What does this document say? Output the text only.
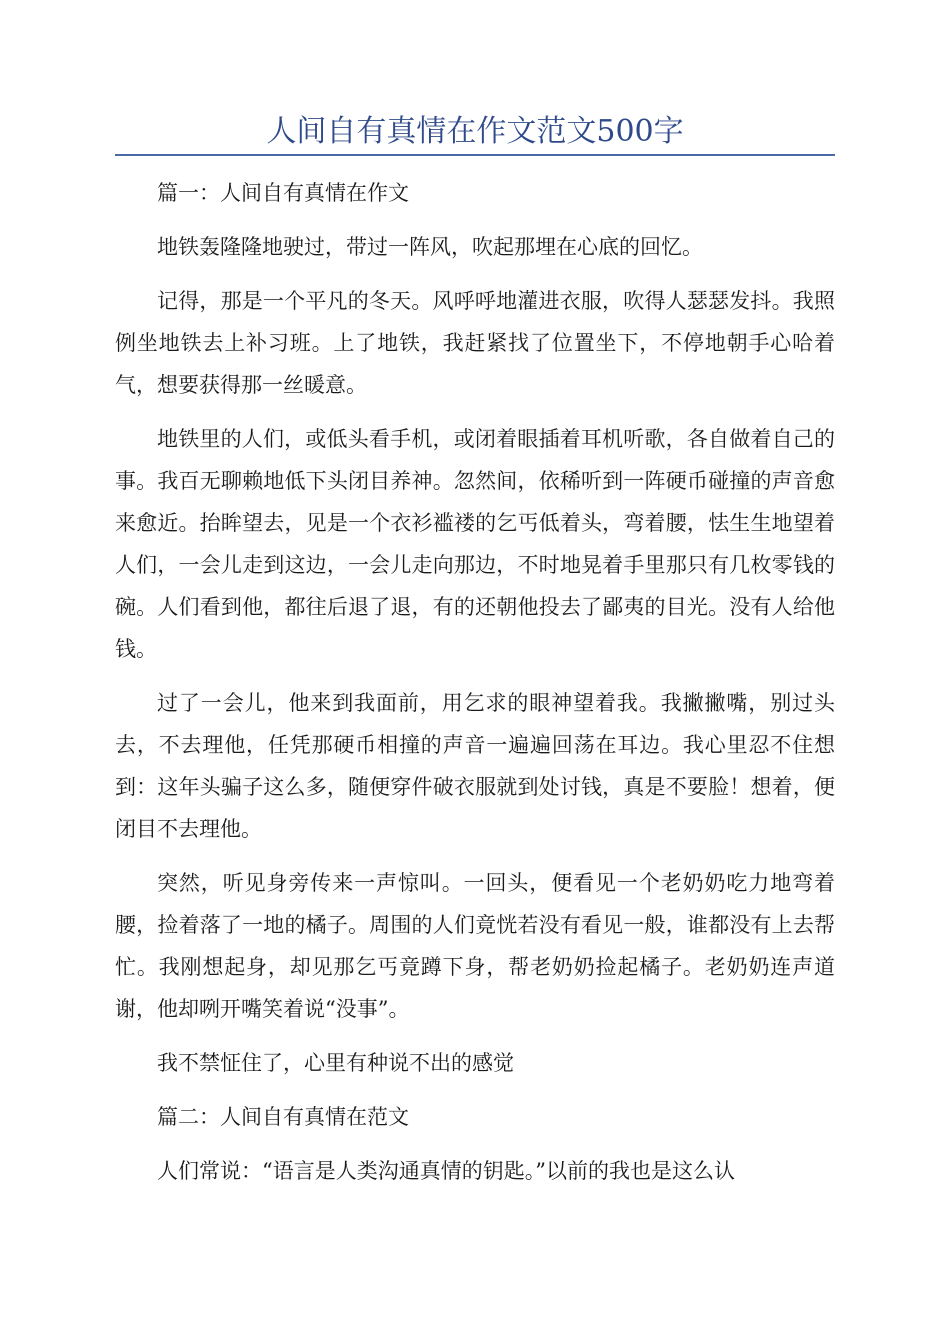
人间自有真情在作文范文500字

篇一：人间自有真情在作文

地铁轰隆隆地驶过，带过一阵风，吹起那埋在心底的回忆。

记得，那是一个平凡的冬天。风呼呼地灌进衣服，吹得人瑟瑟发抖。我照例坐地铁去上补习班。上了地铁，我赶紧找了位置坐下，不停地朝手心哈着气，想要获得那一丝暖意。

地铁里的人们，或低头看手机，或闭着眼插着耳机听歌，各自做着自己的事。我百无聊赖地低下头闭目养神。忽然间，依稀听到一阵硬币碰撞的声音愈来愈近。抬眸望去，见是一个衣衫褴褛的乞丐低着头，弯着腰，怯生生地望着人们，一会儿走到这边，一会儿走向那边，不时地晃着手里那只有几枚零钱的碗。人们看到他，都往后退了退，有的还朝他投去了鄙夷的目光。没有人给他钱。

过了一会儿，他来到我面前，用乞求的眼神望着我。我撇撇嘴，别过头去，不去理他，任凭那硬币相撞的声音一遍遍回荡在耳边。我心里忍不住想到：这年头骗子这么多，随便穿件破衣服就到处讨钱，真是不要脸！想着，便闭目不去理他。

突然，听见身旁传来一声惊叫。一回头，便看见一个老奶奶吃力地弯着腰，捡着落了一地的橘子。周围的人们竟恍若没有看见一般，谁都没有上去帮忙。我刚想起身，却见那乞丐竟蹲下身，帮老奶奶捡起橘子。老奶奶连声道谢，他却咧开嘴笑着说“没事”。

我不禁怔住了，心里有种说不出的感觉

篇二：人间自有真情在范文

人们常说：“语言是人类沟通真情的钥匙。”以前的我也是这么认
